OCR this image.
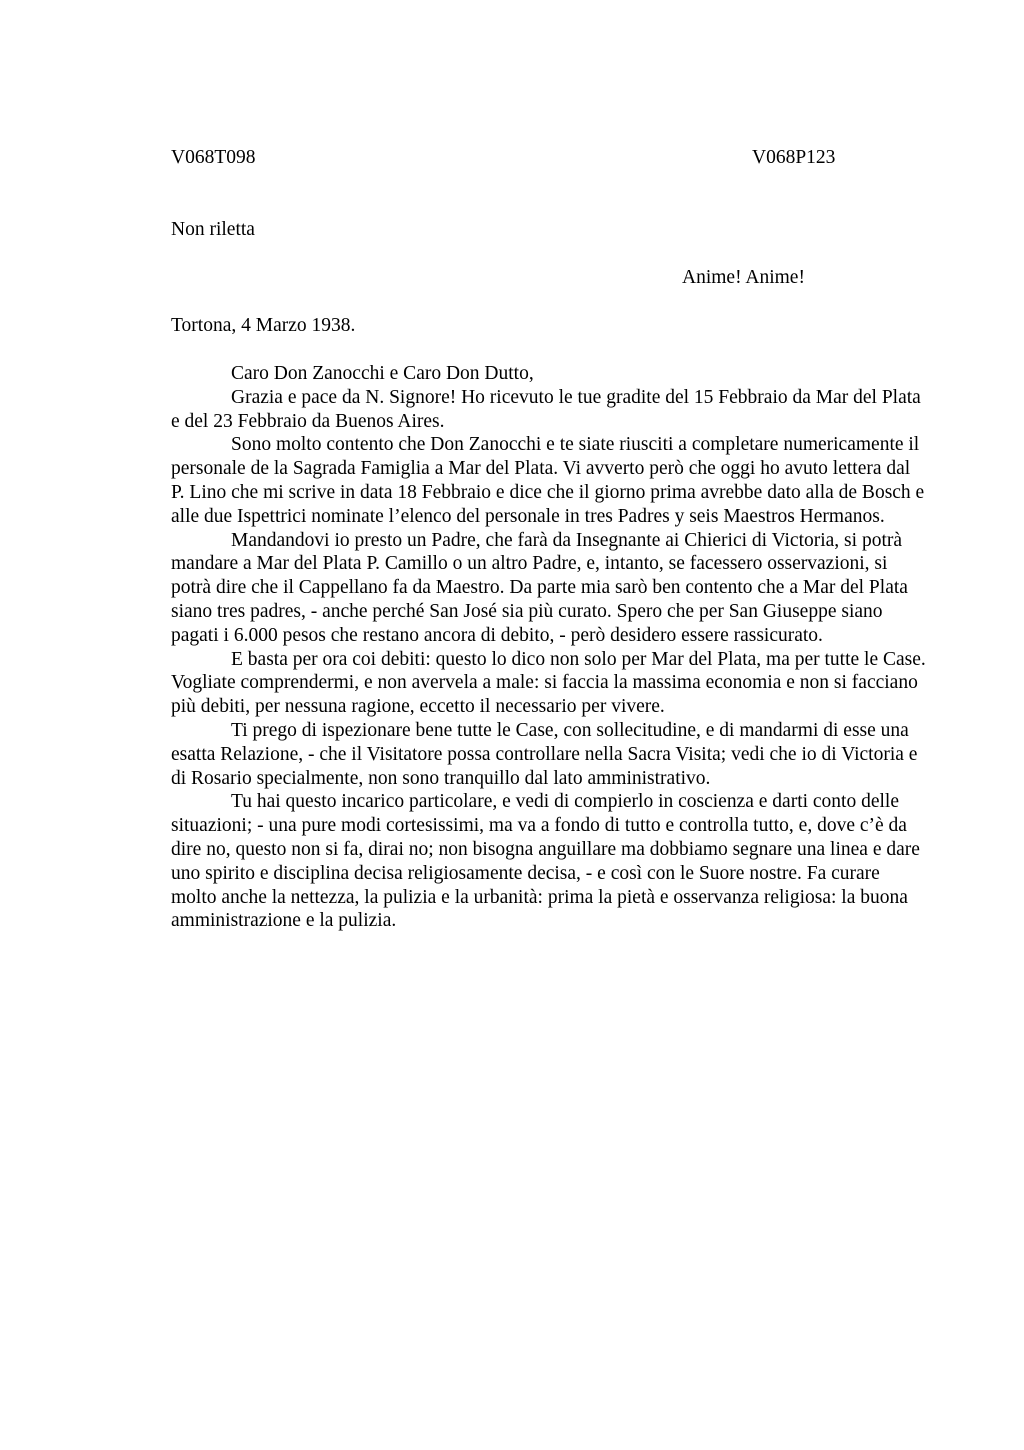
V068T098	V068P123
Non riletta
Anime! Anime!
Tortona, 4 Marzo 1938.

Caro Don Zanocchi e Caro Don Dutto,

Grazia e pace da N. Signore! Ho ricevuto le tue gradite del 15 Febbraio da Mar del Plata e del 23 Febbraio da Buenos Aires.

Sono molto contento che Don Zanocchi e te siate riusciti a completare numericamente il personale de la Sagrada Famiglia a Mar del Plata. Vi avverto però che oggi ho avuto lettera dal P. Lino che mi scrive in data 18 Febbraio e dice che il giorno prima avrebbe dato alla de Bosch e alle due Ispettrici nominate l’elenco del personale in tres Padres y seis Maestros Hermanos.

Mandandovi io presto un Padre, che farà da Insegnante ai Chierici di Victoria, si potrà mandare a Mar del Plata P. Camillo o un altro Padre, e, intanto, se facessero osservazioni, si potrà dire che il Cappellano fa da Maestro. Da parte mia sarò ben contento che a Mar del Plata siano tres padres, - anche perché San José sia più curato. Spero che per San Giuseppe siano pagati i 6.000 pesos che restano ancora di debito, - però desidero essere rassicurato.

E basta per ora coi debiti: questo lo dico non solo per Mar del Plata, ma per tutte le Case. Vogliate comprendermi, e non avervela a male: si faccia la massima economia e non si facciano più debiti, per nessuna ragione, eccetto il necessario per vivere.

Ti prego di ispezionare bene tutte le Case, con sollecitudine, e di mandarmi di esse una esatta Relazione, - che il Visitatore possa controllare nella Sacra Visita; vedi che io di Victoria e di Rosario specialmente, non sono tranquillo dal lato amministrativo.

Tu hai questo incarico particolare, e vedi di compierlo in coscienza e darti conto delle situazioni; - una pure modi cortesissimi, ma va a fondo di tutto e controlla tutto, e, dove c’è da dire no, questo non si fa, dirai no; non bisogna anguillare ma dobbiamo segnare una linea e dare uno spirito e disciplina decisa religiosamente decisa, - e così con le Suore nostre. Fa curare molto anche la nettezza, la pulizia e la urbanità: prima la pietà e osservanza religiosa: la buona amministrazione e la pulizia.
